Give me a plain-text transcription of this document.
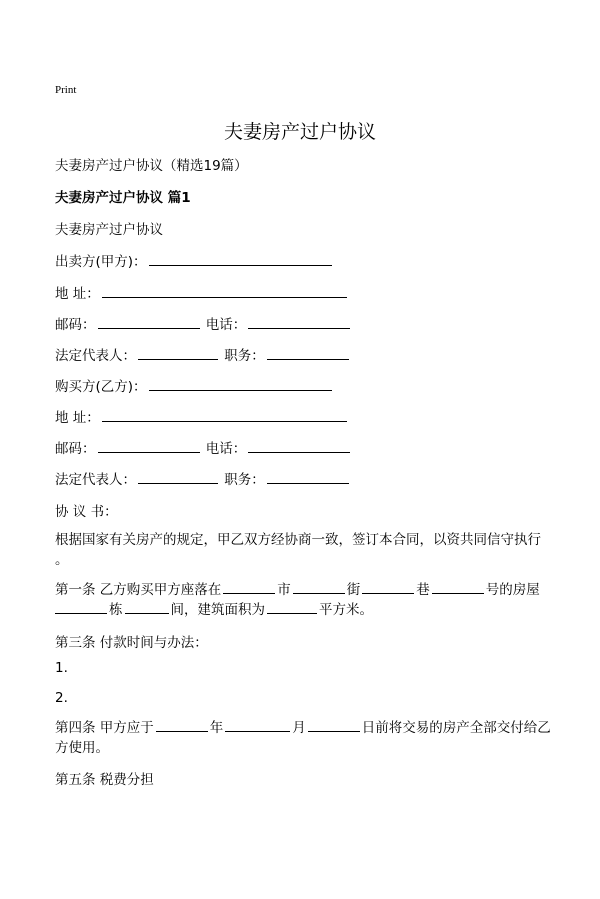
Print
夫妻房产过户协议
夫妻房产过户协议（精选19篇）
夫妻房产过户协议 篇1
夫妻房产过户协议
出卖方(甲方)：
地 址：
邮码：	电话：
法定代表人：	职务：
购买方(乙方)：
地 址：
邮码：	电话：
法定代表人：	职务：
协 议 书：
根据国家有关房产的规定，甲乙双方经协商一致，签订本合同，以资共同信守执行
。
第一条 乙方购买甲方座落在	市	街	巷	号的房屋
栋	间，建筑面积为	平方米。
第三条 付款时间与办法：
1.
2.
第四条 甲方应于	年	月	日前将交易的房产全部交付给乙
方使用。
第五条 税费分担
